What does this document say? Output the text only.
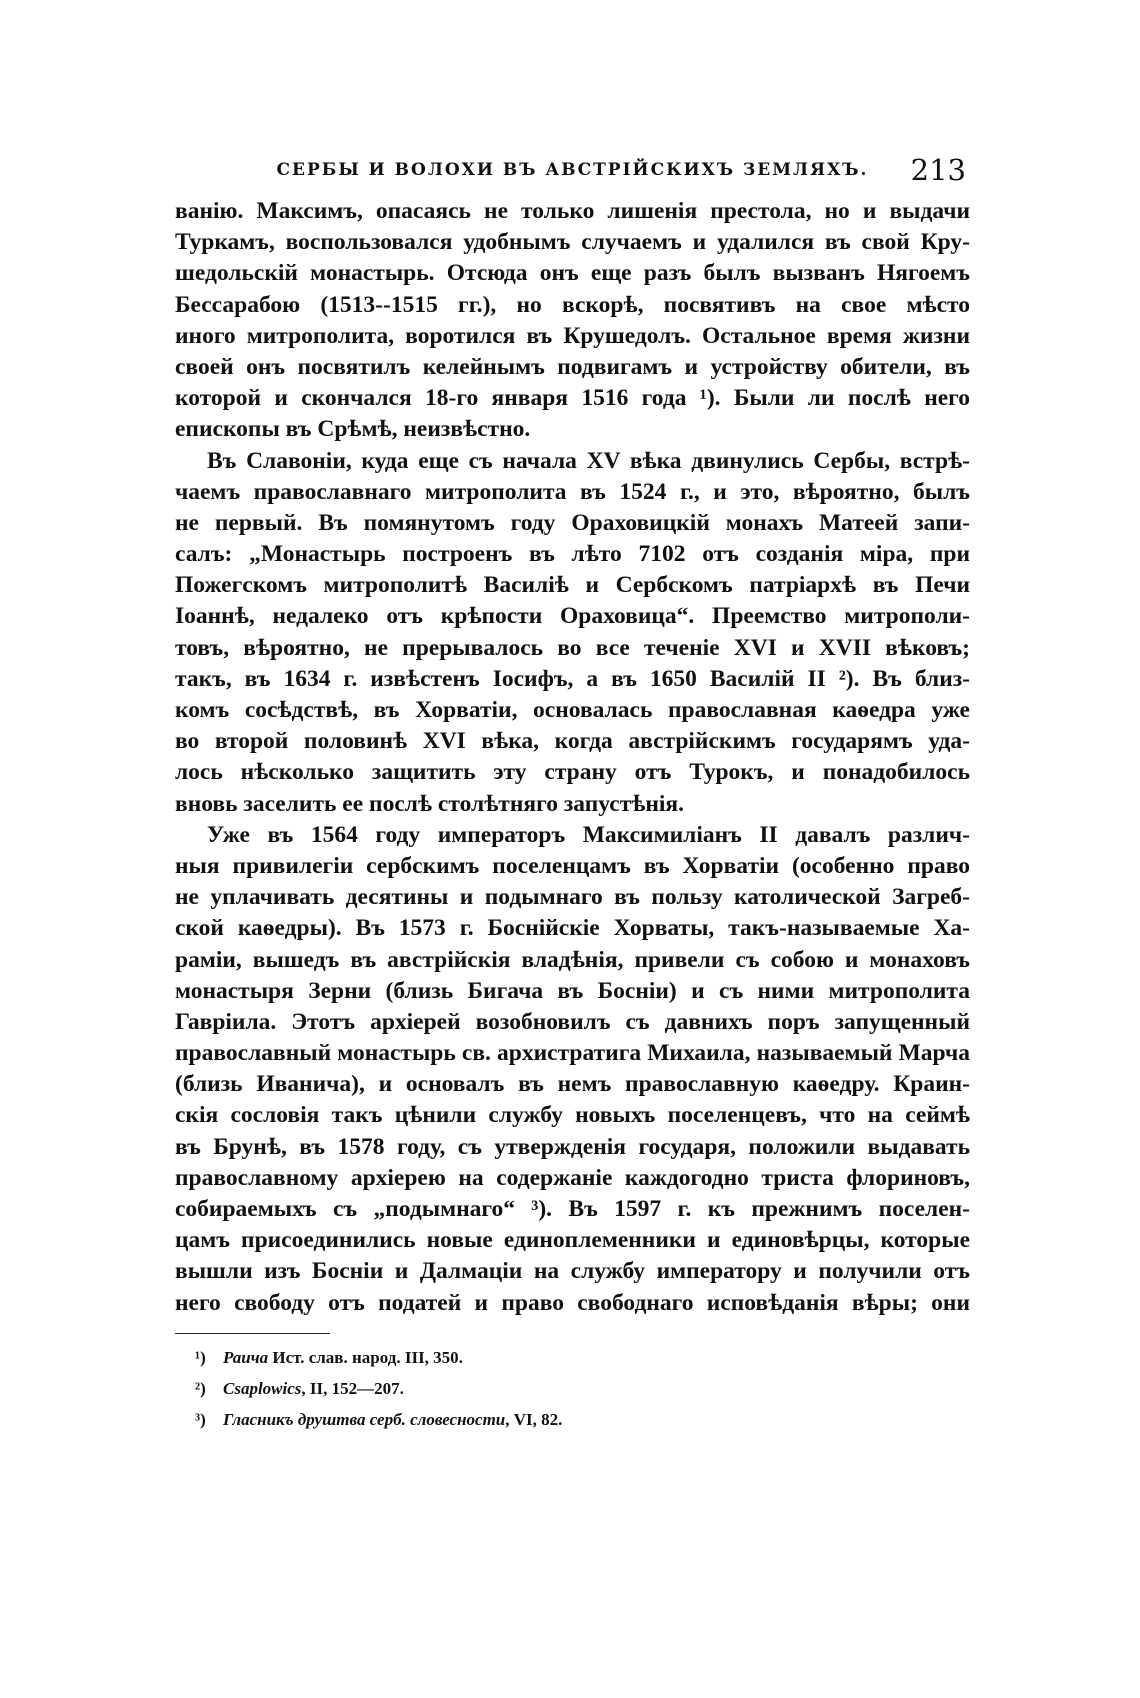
СЕРБЫ И ВОЛОХИ ВЪ АВСТРІЙСКИХЪ ЗЕМЛЯХЪ. 213
ванію. Максимъ, опасаясь не только лишенія престола, но и выдачи
Туркамъ, воспользовался удобнымъ случаемъ и удалился въ свой Кру-
шедольскій монастырь. Отсюда онъ еще разъ былъ вызванъ Нягоемъ
Бессарабою (1513-‑1515 гг.), но вскорѣ, посвятивъ на свое мѣсто
иного митрополита, воротился въ Крушедолъ. Остальное время жизни
своей онъ посвятилъ келейнымъ подвигамъ и устройству обители, въ
которой и скончался 18-го января 1516 года ¹). Были ли послѣ него
епископы въ Срѣмѣ, неизвѣстно.
Въ Славоніи, куда еще съ начала XV вѣка двинулись Сербы, встрѣ-
чаемъ православнаго митрополита въ 1524 г., и это, вѣроятно, былъ
не первый. Въ помянутомъ году Ораховицкій монахъ Матеей запи-
салъ: „Монастырь построенъ въ лѣто 7102 отъ созданія міра, при
Пожегскомъ митрополитѣ Василіѣ и Сербскомъ патріархѣ въ Печи
Іоаннѣ, недалеко отъ крѣпости Ораховица“. Преемство митрополи-
товъ, вѣроятно, не прерывалось во все теченіе XVI и XVII вѣковъ;
такъ, въ 1634 г. извѣстенъ Іосифъ, а въ 1650 Василій II ²). Въ близ-
комъ сосѣдствѣ, въ Хорватіи, основалась православная каѳедра уже
во второй половинѣ XVI вѣка, когда австрійскимъ государямъ уда-
лось нѣсколько защитить эту страну отъ Турокъ, и понадобилось
вновь заселить ее послѣ столѣтняго запустѣнія.
Уже въ 1564 году императоръ Максимиліанъ II давалъ различ-
ныя привилегіи сербскимъ поселенцамъ въ Хорватіи (особенно право
не уплачивать десятины и подымнаго въ пользу католической Загреб-
ской каѳедры). Въ 1573 г. Боснійскіе Хорваты, такъ-называемые Ха-
раміи, вышедъ въ австрійскія владѣнія, привели съ собою и монаховъ
монастыря Зерни (близь Бигача въ Босніи) и съ ними митрополита
Гавріила. Этотъ архіерей возобновилъ съ давнихъ поръ запущенный
православный монастырь св. архистратига Михаила, называемый Марча
(близь Иванича), и основалъ въ немъ православную каѳедру. Краин-
скія сословія такъ цѣнили службу новыхъ поселенцевъ, что на сеймѣ
въ Брунѣ, въ 1578 году, съ утвержденія государя, положили выдавать
православному архіерею на содержаніе каждогодно триста флориновъ,
собираемыхъ съ „подымнаго“ ³). Въ 1597 г. къ прежнимъ поселен-
цамъ присоединились новые единоплеменники и единовѣрцы, которые
вышли изъ Босніи и Далмаціи на службу императору и получили отъ
него свободу отъ податей и право свободнаго исповѣданія вѣры; они
¹) Раича Ист. слав. народ. III, 350.
²) Csaplowics, II, 152—207.
³) Гласникъ друштва серб. словесности, VI, 82.
